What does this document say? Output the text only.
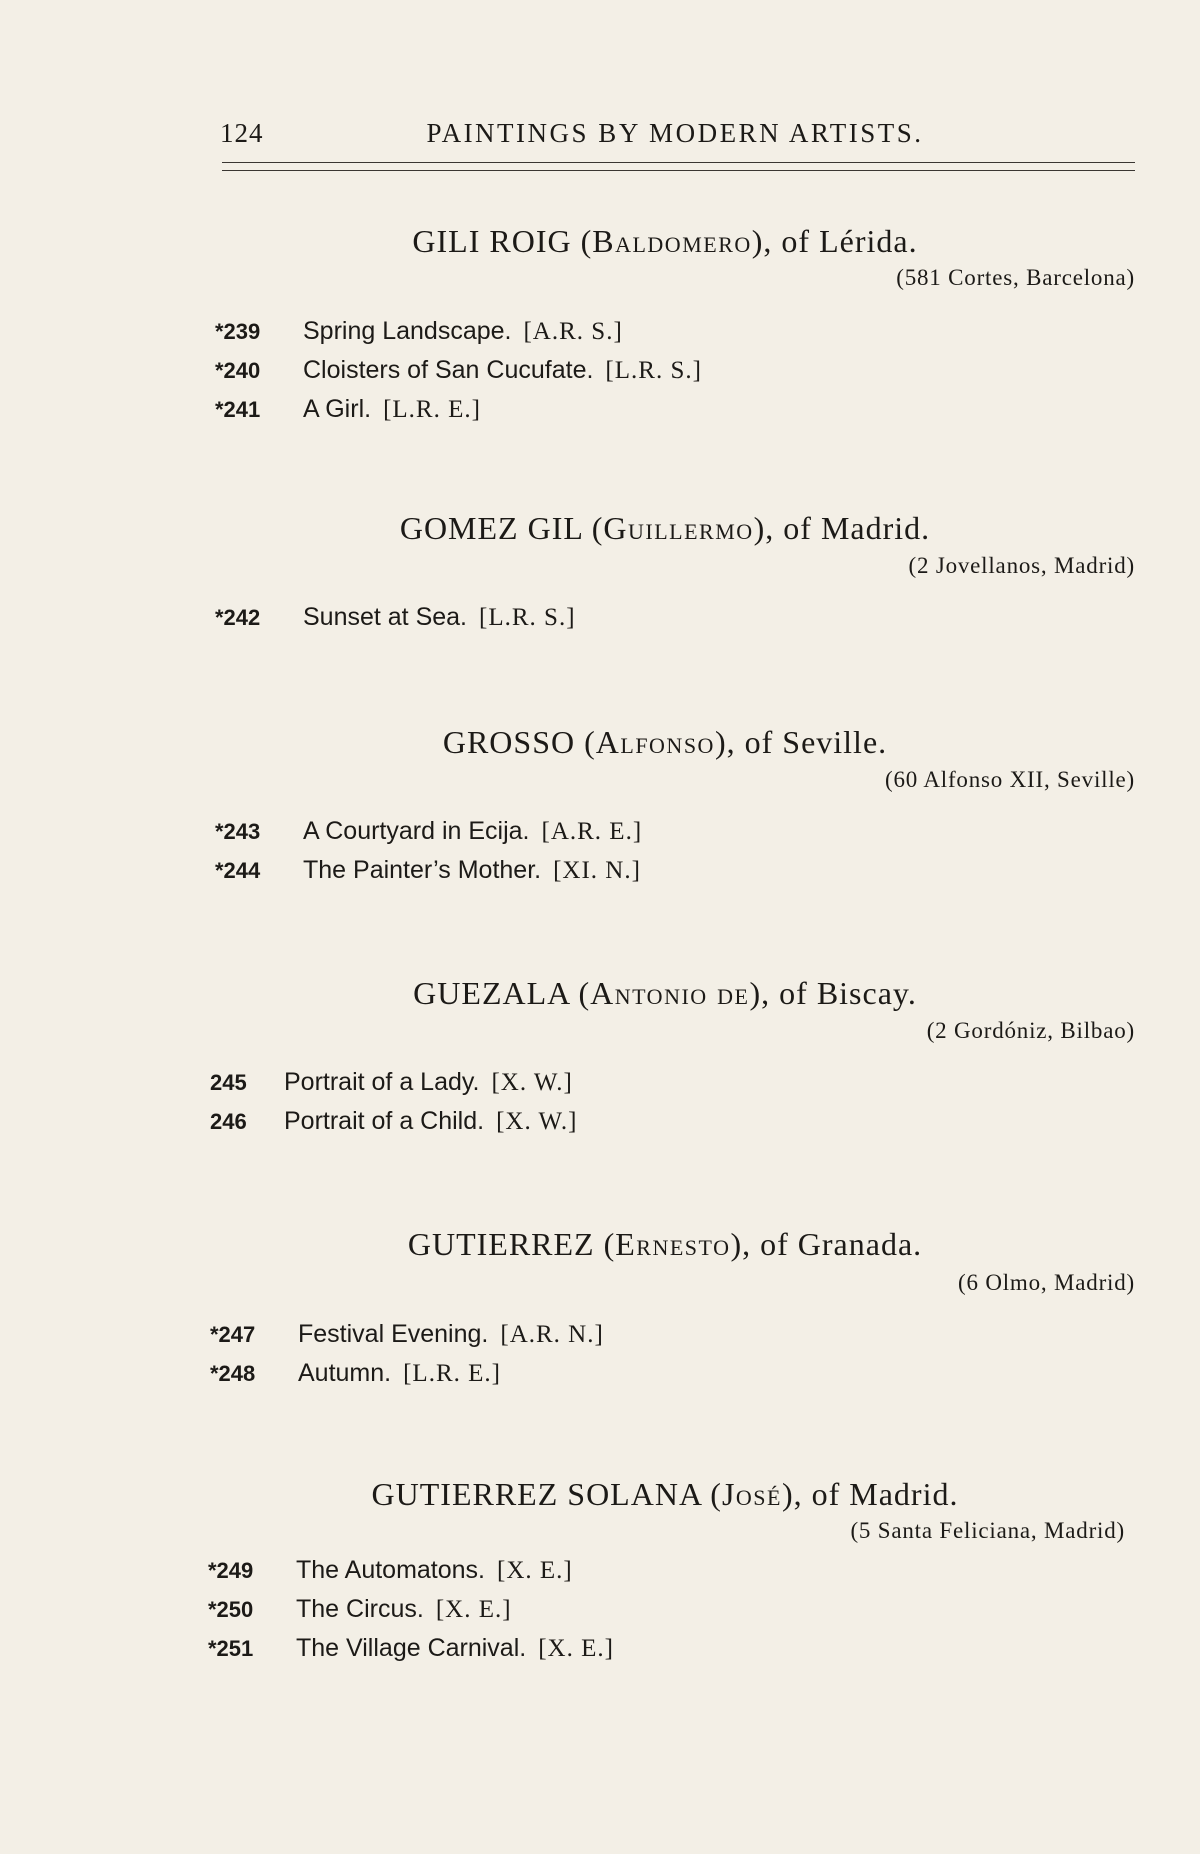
124	PAINTINGS BY MODERN ARTISTS.
GILI ROIG (Baldomero), of Lérida.
(581 Cortes, Barcelona)
*239 Spring Landscape. [A.R. S.]
*240 Cloisters of San Cucufate. [L.R. S.]
*241 A Girl. [L.R. E.]
GOMEZ GIL (Guillermo), of Madrid.
(2 Jovellanos, Madrid)
*242 Sunset at Sea. [L.R. S.]
GROSSO (Alfonso), of Seville.
(60 Alfonso XII, Seville)
*243 A Courtyard in Ecija. [A.R. E.]
*244 The Painter’s Mother. [XI. N.]
GUEZALA (Antonio de), of Biscay.
(2 Gordóniz, Bilbao)
245 Portrait of a Lady. [X. W.]
246 Portrait of a Child. [X. W.]
GUTIERREZ (Ernesto), of Granada.
(6 Olmo, Madrid)
*247 Festival Evening. [A.R. N.]
*248 Autumn. [L.R. E.]
GUTIERREZ SOLANA (José), of Madrid.
(5 Santa Feliciana, Madrid)
*249 The Automatons. [X. E.]
*250 The Circus. [X. E.]
*251 The Village Carnival. [X. E.]
